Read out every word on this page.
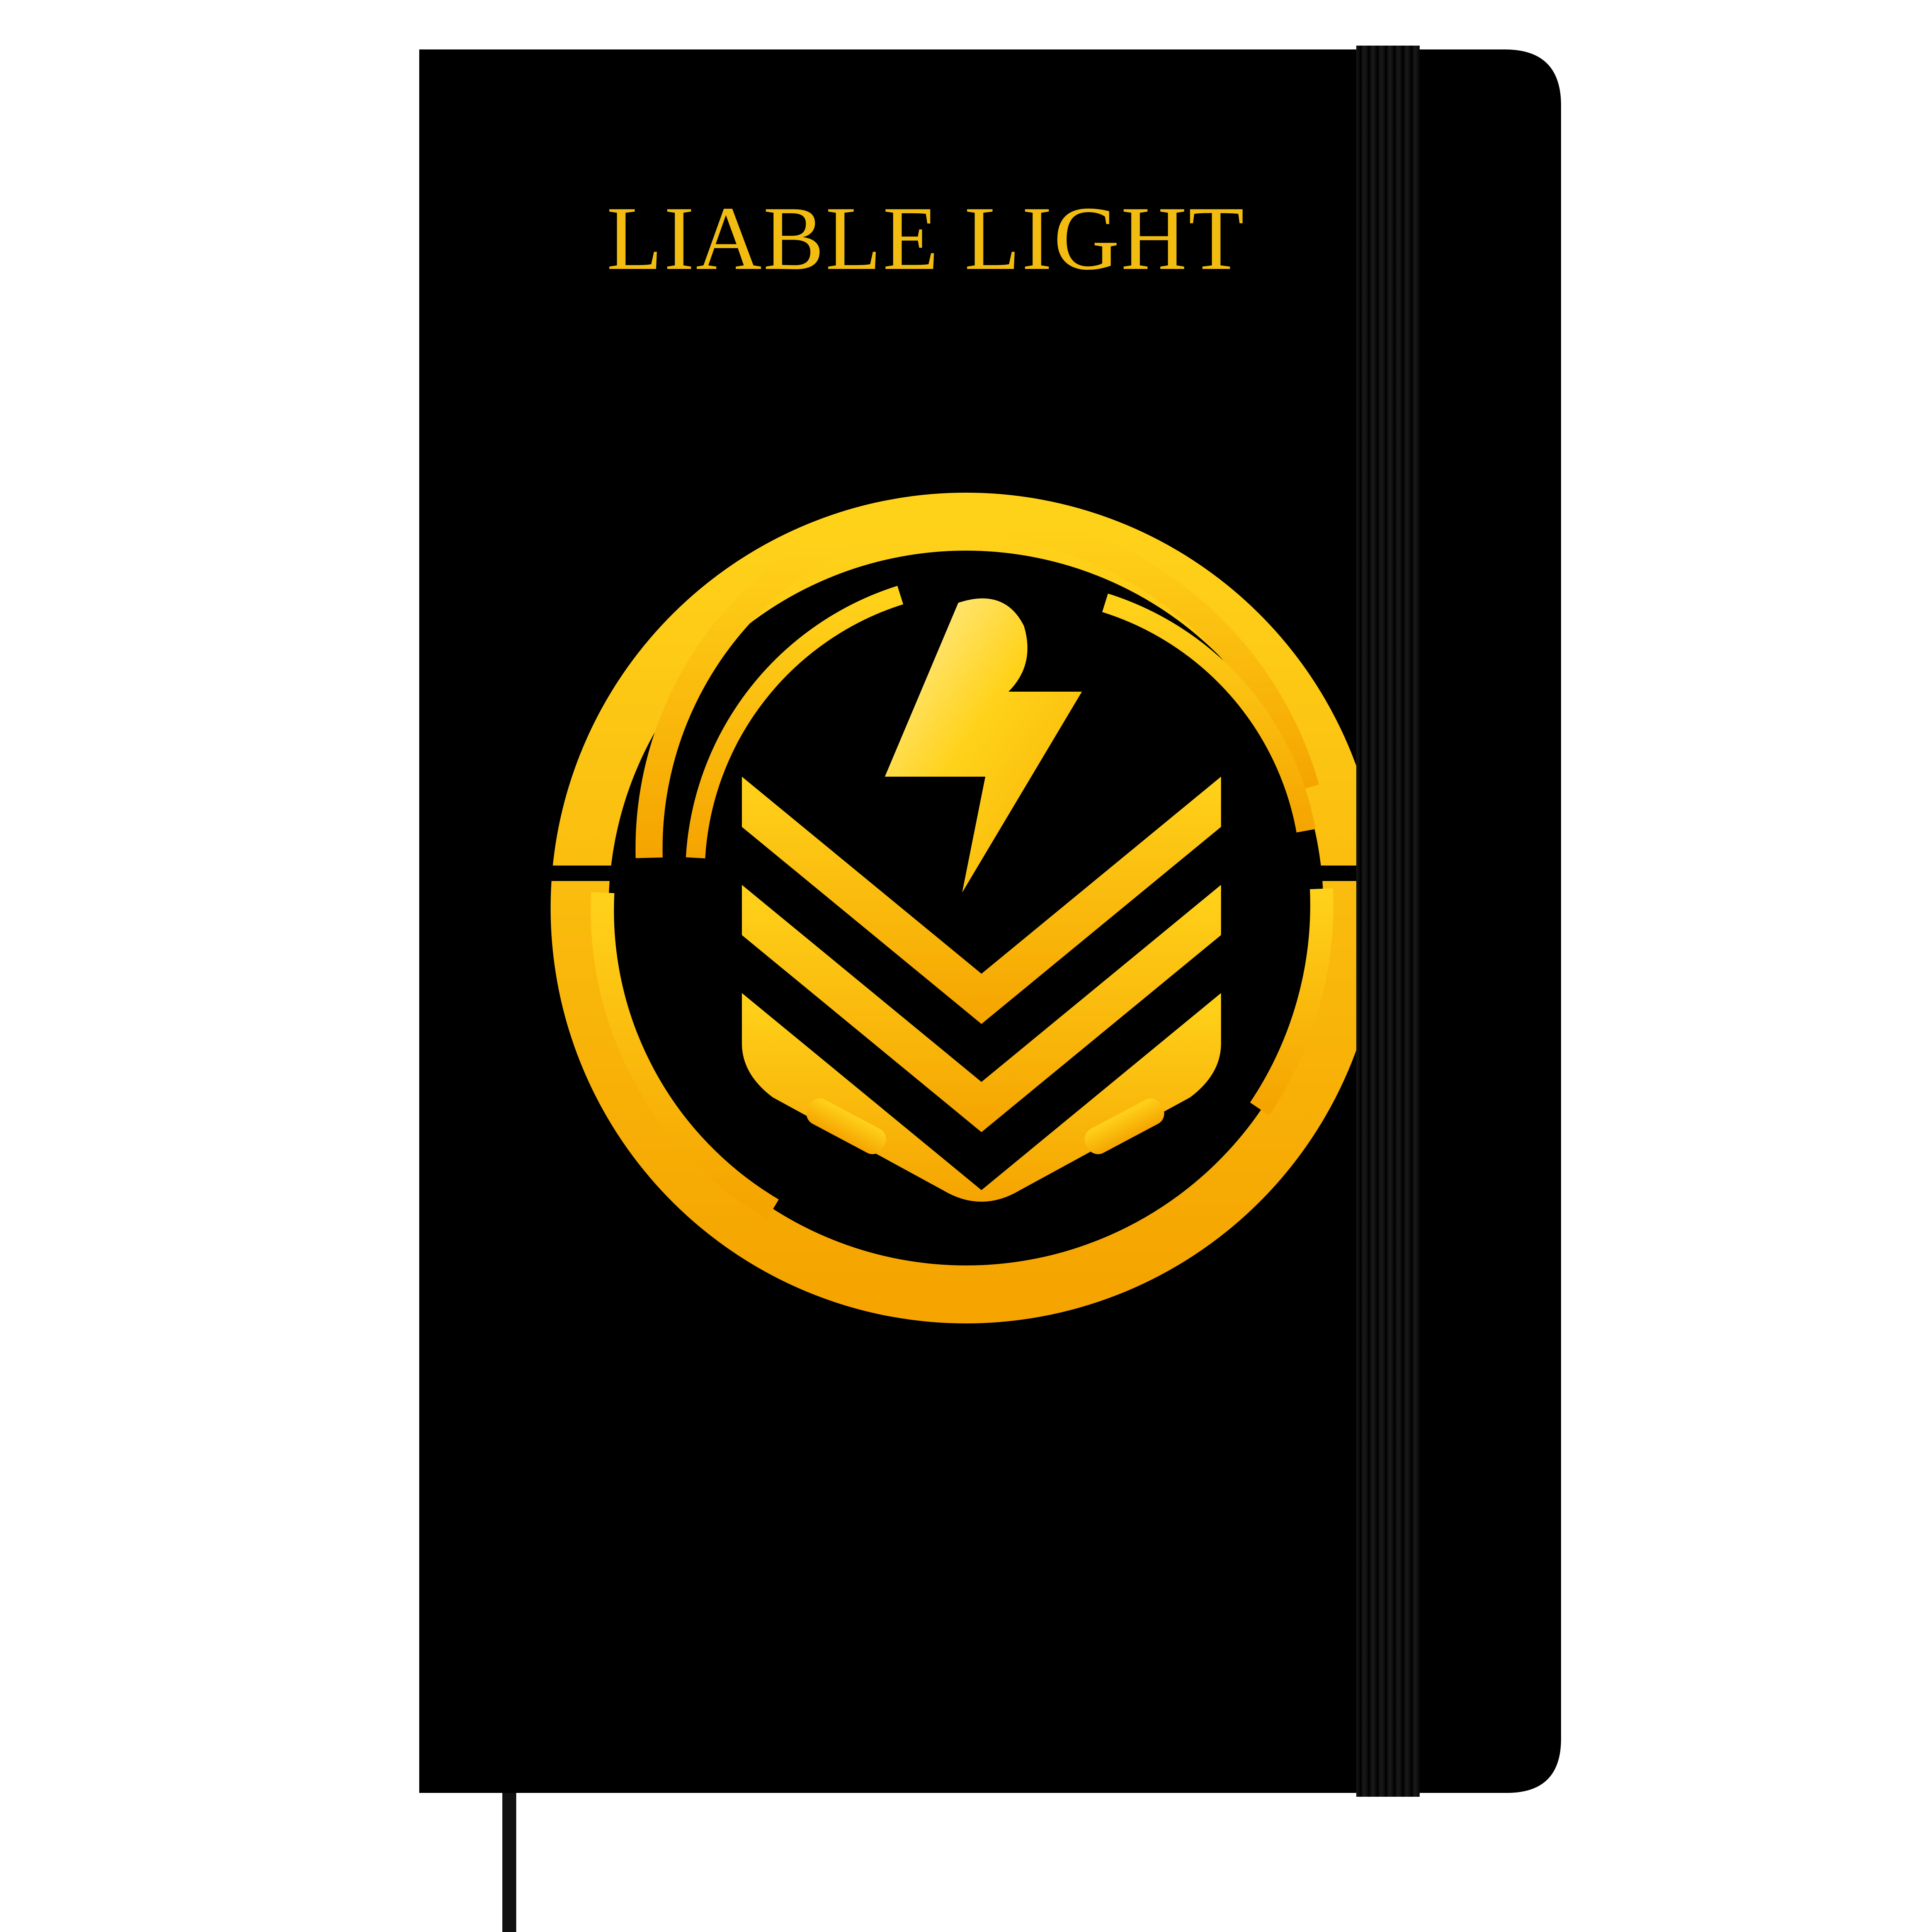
LIABLE LIGHT
